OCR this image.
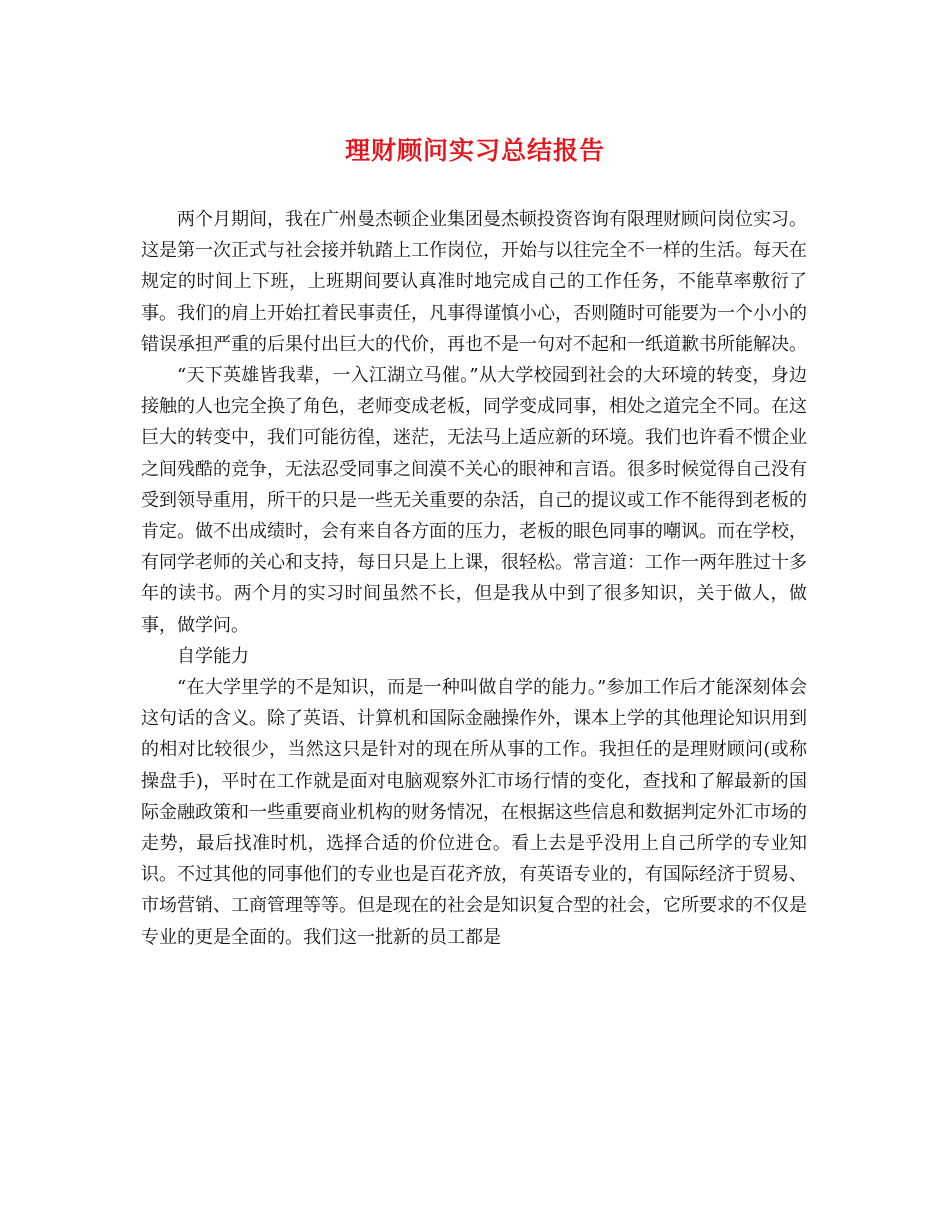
理财顾问实习总结报告

两个月期间，我在广州曼杰顿企业集团曼杰顿投资咨询有限理财顾问岗位实习。这是第一次正式与社会接并轨踏上工作岗位，开始与以往完全不一样的生活。每天在规定的时间上下班，上班期间要认真准时地完成自己的工作任务，不能草率敷衍了事。我们的肩上开始扛着民事责任，凡事得谨慎小心，否则随时可能要为一个小小的错误承担严重的后果付出巨大的代价，再也不是一句对不起和一纸道歉书所能解决。

“天下英雄皆我辈，一入江湖立马催。”从大学校园到社会的大环境的转变，身边接触的人也完全换了角色，老师变成老板，同学变成同事，相处之道完全不同。在这巨大的转变中，我们可能彷徨，迷茫，无法马上适应新的环境。我们也许看不惯企业之间残酷的竞争，无法忍受同事之间漠不关心的眼神和言语。很多时候觉得自己没有受到领导重用，所干的只是一些无关重要的杂活，自己的提议或工作不能得到老板的肯定。做不出成绩时，会有来自各方面的压力，老板的眼色同事的嘲讽。而在学校，有同学老师的关心和支持，每日只是上上课，很轻松。常言道：工作一两年胜过十多年的读书。两个月的实习时间虽然不长，但是我从中到了很多知识，关于做人，做事，做学问。

自学能力

“在大学里学的不是知识，而是一种叫做自学的能力。”参加工作后才能深刻体会这句话的含义。除了英语、计算机和国际金融操作外，课本上学的其他理论知识用到的相对比较很少，当然这只是针对的现在所从事的工作。我担任的是理财顾问(或称操盘手)，平时在工作就是面对电脑观察外汇市场行情的变化，查找和了解最新的国际金融政策和一些重要商业机构的财务情况，在根据这些信息和数据判定外汇市场的走势，最后找准时机，选择合适的价位进仓。看上去是乎没用上自己所学的专业知识。不过其他的同事他们的专业也是百花齐放，有英语专业的，有国际经济于贸易、市场营销、工商管理等等。但是现在的社会是知识复合型的社会，它所要求的不仅是专业的更是全面的。我们这一批新的员工都是
